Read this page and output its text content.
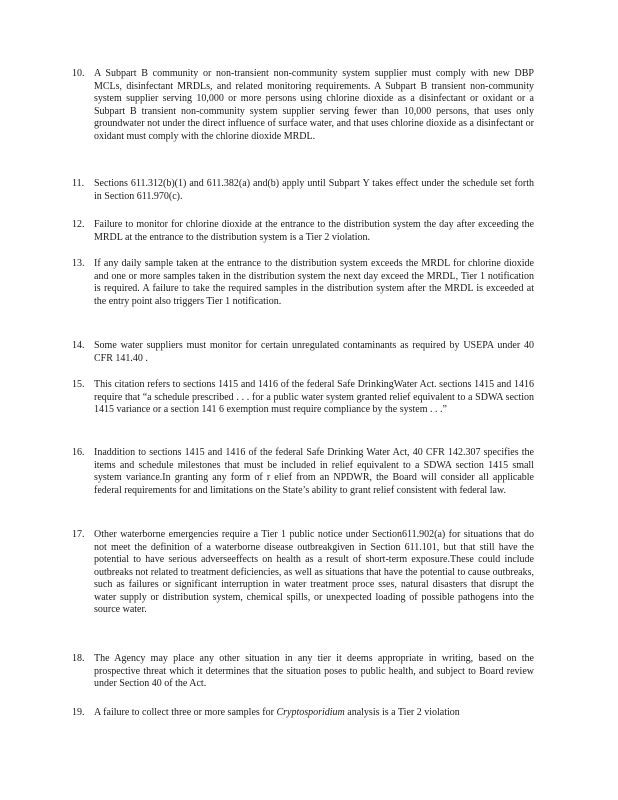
10. A Subpart B community or non-transient non-community system supplier must comply with new DBP MCLs, disinfectant MRDLs, and related monitoring requirements. A Subpart B transient non-community system supplier serving 10,000 or more persons using chlorine dioxide as a disinfectant or oxidant or a Subpart B transient non-community system supplier serving fewer than 10,000 persons, that uses only groundwater not under the direct influence of surface water, and that uses chlorine dioxide as a disinfectant or oxidant must comply with the chlorine dioxide MRDL.
11. Sections 611.312(b)(1) and 611.382(a) and(b) apply until Subpart Y takes effect under the schedule set forth in Section 611.970(c).
12. Failure to monitor for chlorine dioxide at the entrance to the distribution system the day after exceeding the MRDL at the entrance to the distribution system is a Tier 2 violation.
13. If any daily sample taken at the entrance to the distribution system exceeds the MRDL for chlorine dioxide and one or more samples taken in the distribution system the next day exceed the MRDL, Tier 1 notification is required. A failure to take the required samples in the distribution system after the MRDL is exceeded at the entry point also triggers Tier 1 notification.
14. Some water suppliers must monitor for certain unregulated contaminants as required by USEPA under 40 CFR 141.40 .
15. This citation refers to sections 1415 and 1416 of the federal Safe DrinkingWater Act. sections 1415 and 1416 require that “a schedule prescribed . . . for a public water system granted relief equivalent to a SDWA section 1415 variance or a section 141 6 exemption must require compliance by the system . . .”
16. Inaddition to sections 1415 and 1416 of the federal Safe Drinking Water Act, 40 CFR 142.307 specifies the items and schedule milestones that must be included in relief equivalent to a SDWA section 1415 small system variance.In granting any form of r elief from an NPDWR, the Board will consider all applicable federal requirements for and limitations on the State’s ability to grant relief consistent with federal law.
17. Other waterborne emergencies require a Tier 1 public notice under Section611.902(a) for situations that do not meet the definition of a waterborne disease outbreakgiven in Section 611.101, but that still have the potential to have serious adverseeffects on health as a result of short-term exposure.These could include outbreaks not related to treatment deficiencies, as well as situations that have the potential to cause outbreaks, such as failures or significant interruption in water treatment proce sses, natural disasters that disrupt the water supply or distribution system, chemical spills, or unexpected loading of possible pathogens into the source water.
18. The Agency may place any other situation in any tier it deems appropriate in writing, based on the prospective threat which it determines that the situation poses to public health, and subject to Board review under Section 40 of the Act.
19. A failure to collect three or more samples for Cryptosporidium analysis is a Tier 2 violation
